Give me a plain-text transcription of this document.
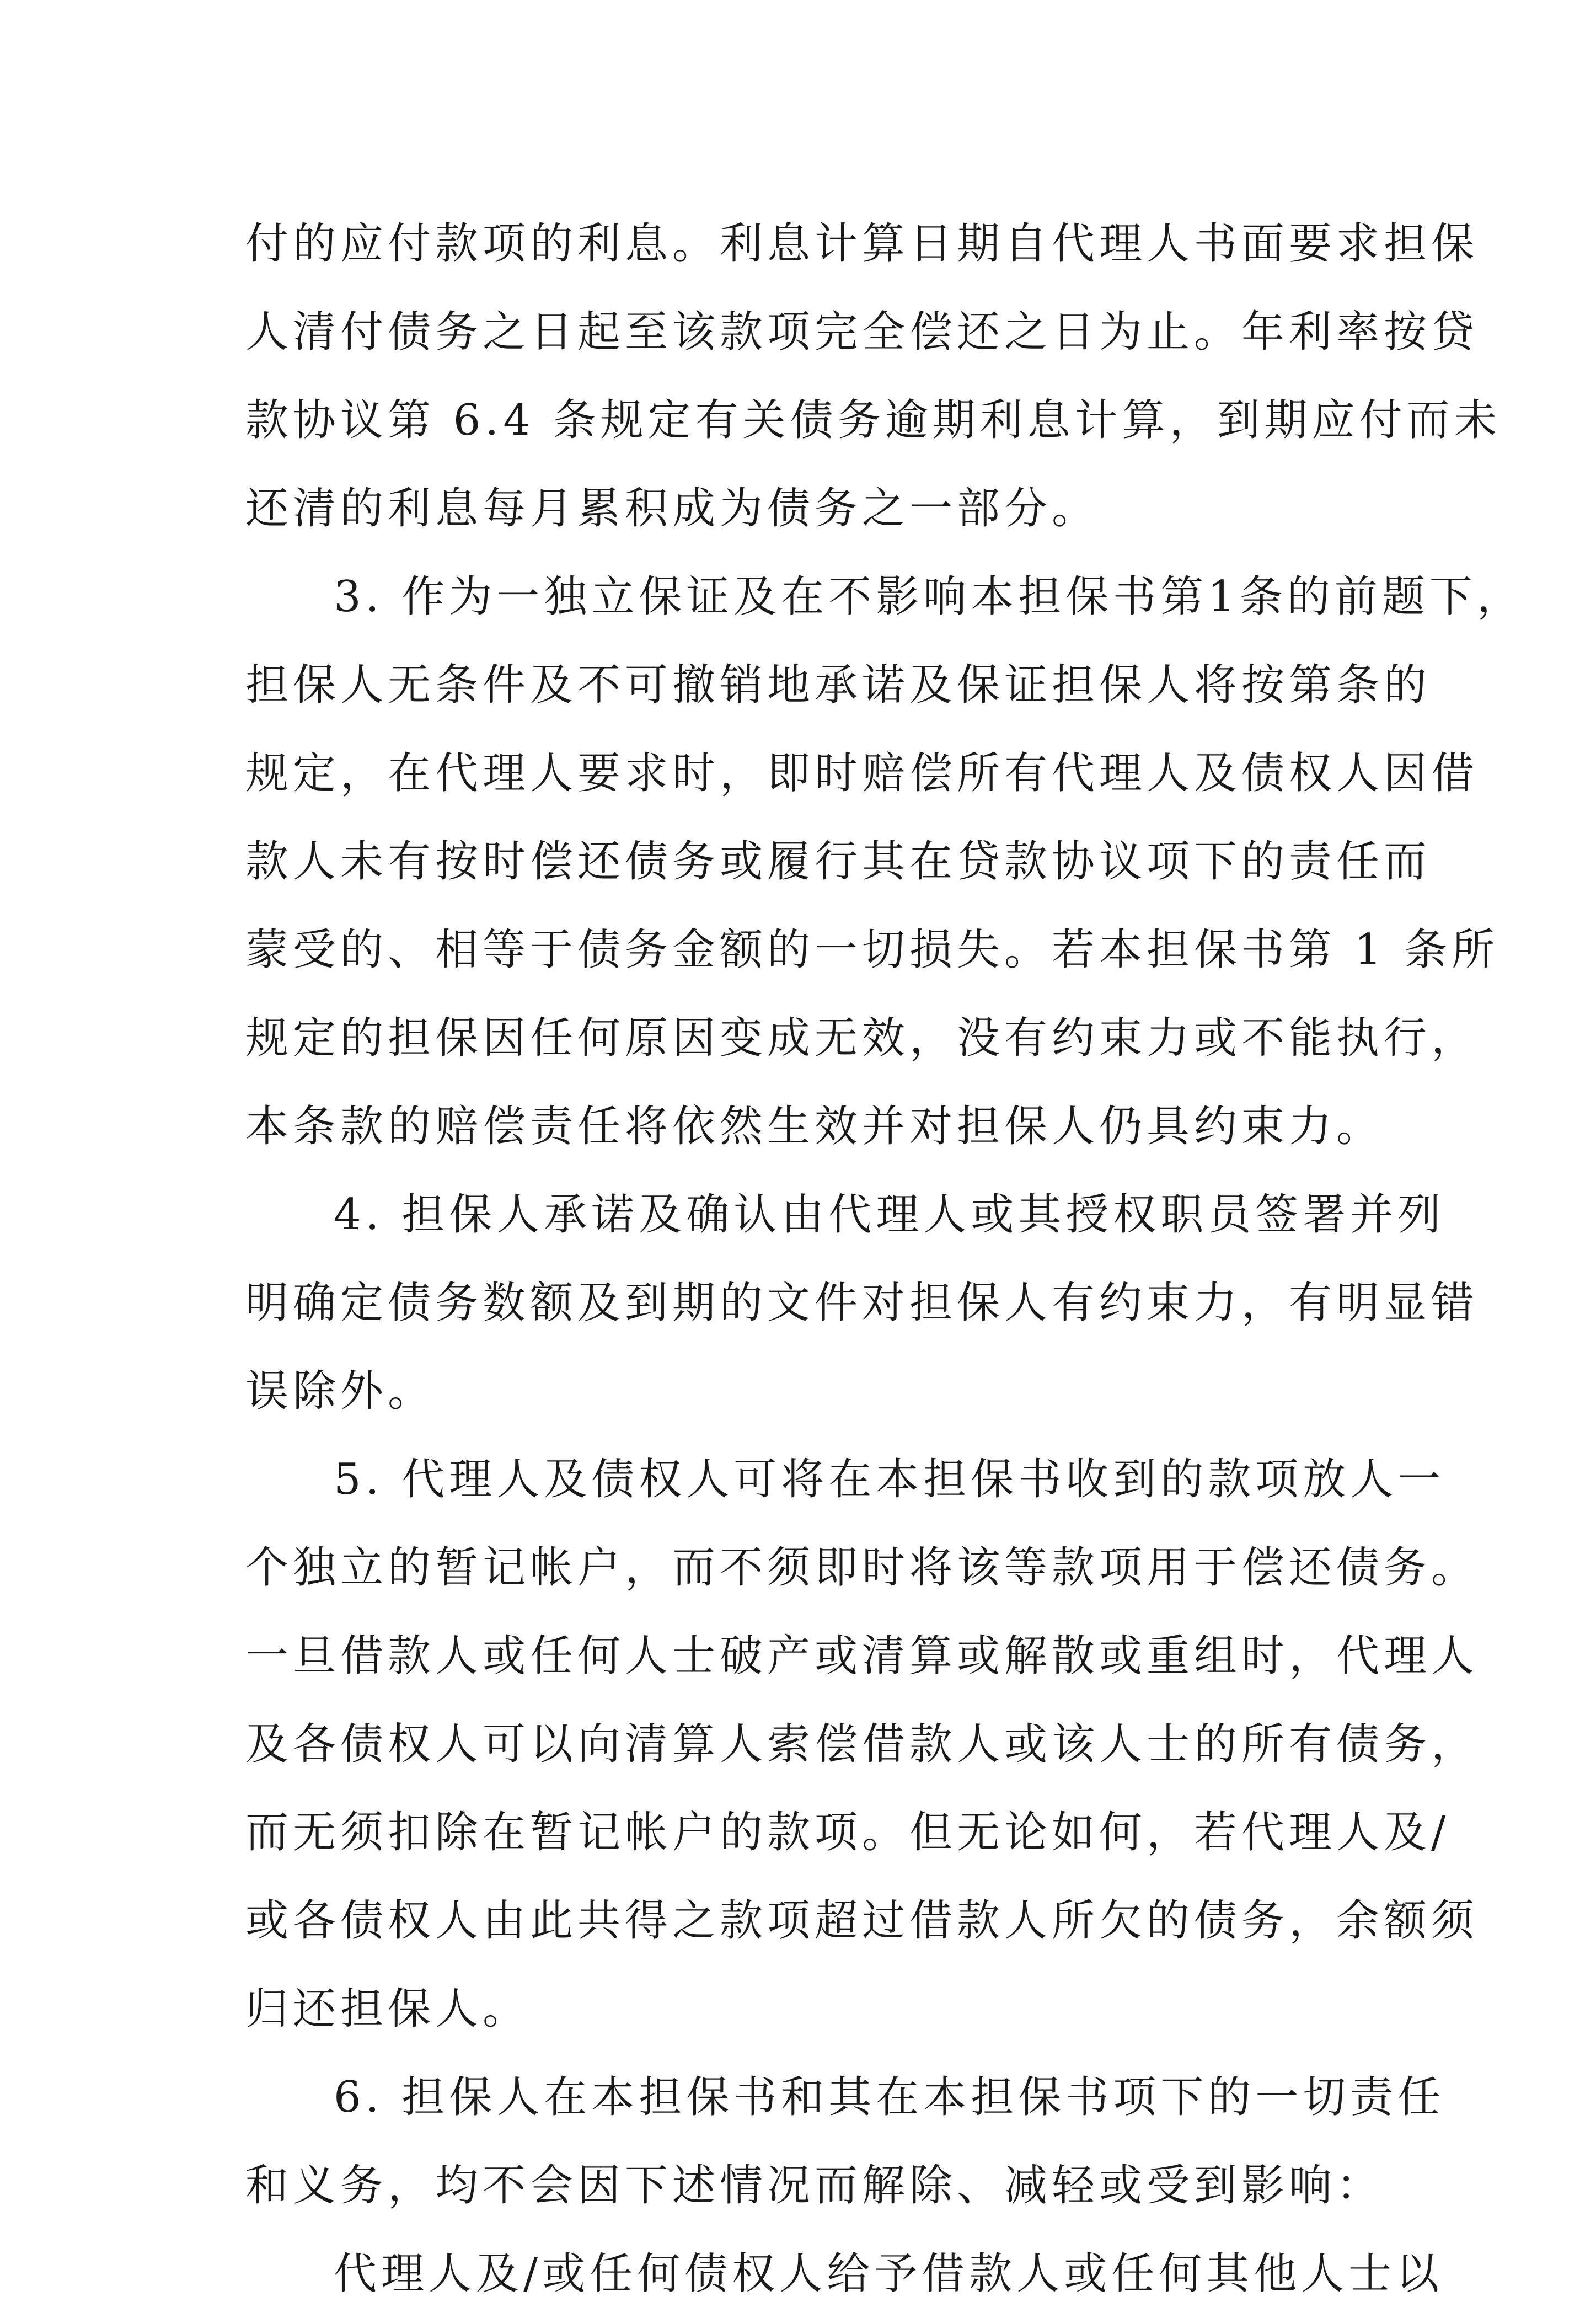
付的应付款项的利息。利息计算日期自代理人书面要求担保
人清付债务之日起至该款项完全偿还之日为止。年利率按贷
款协议第 6.4 条规定有关债务逾期利息计算，到期应付而未
还清的利息每月累积成为债务之一部分。
3. 作为一独立保证及在不影响本担保书第1条的前题下，
担保人无条件及不可撤销地承诺及保证担保人将按第条的
规定，在代理人要求时，即时赔偿所有代理人及债权人因借
款人未有按时偿还债务或履行其在贷款协议项下的责任而
蒙受的、相等于债务金额的一切损失。若本担保书第 1 条所
规定的担保因任何原因变成无效，没有约束力或不能执行，
本条款的赔偿责任将依然生效并对担保人仍具约束力。
4. 担保人承诺及确认由代理人或其授权职员签署并列
明确定债务数额及到期的文件对担保人有约束力，有明显错
误除外。
5. 代理人及债权人可将在本担保书收到的款项放人一
个独立的暂记帐户，而不须即时将该等款项用于偿还债务。
一旦借款人或任何人士破产或清算或解散或重组时，代理人
及各债权人可以向清算人索偿借款人或该人士的所有债务，
而无须扣除在暂记帐户的款项。但无论如何，若代理人及/
或各债权人由此共得之款项超过借款人所欠的债务，余额须
归还担保人。
6. 担保人在本担保书和其在本担保书项下的一切责任
和义务，均不会因下述情况而解除、减轻或受到影响：
代理人及/或任何债权人给予借款人或任何其他人士以
